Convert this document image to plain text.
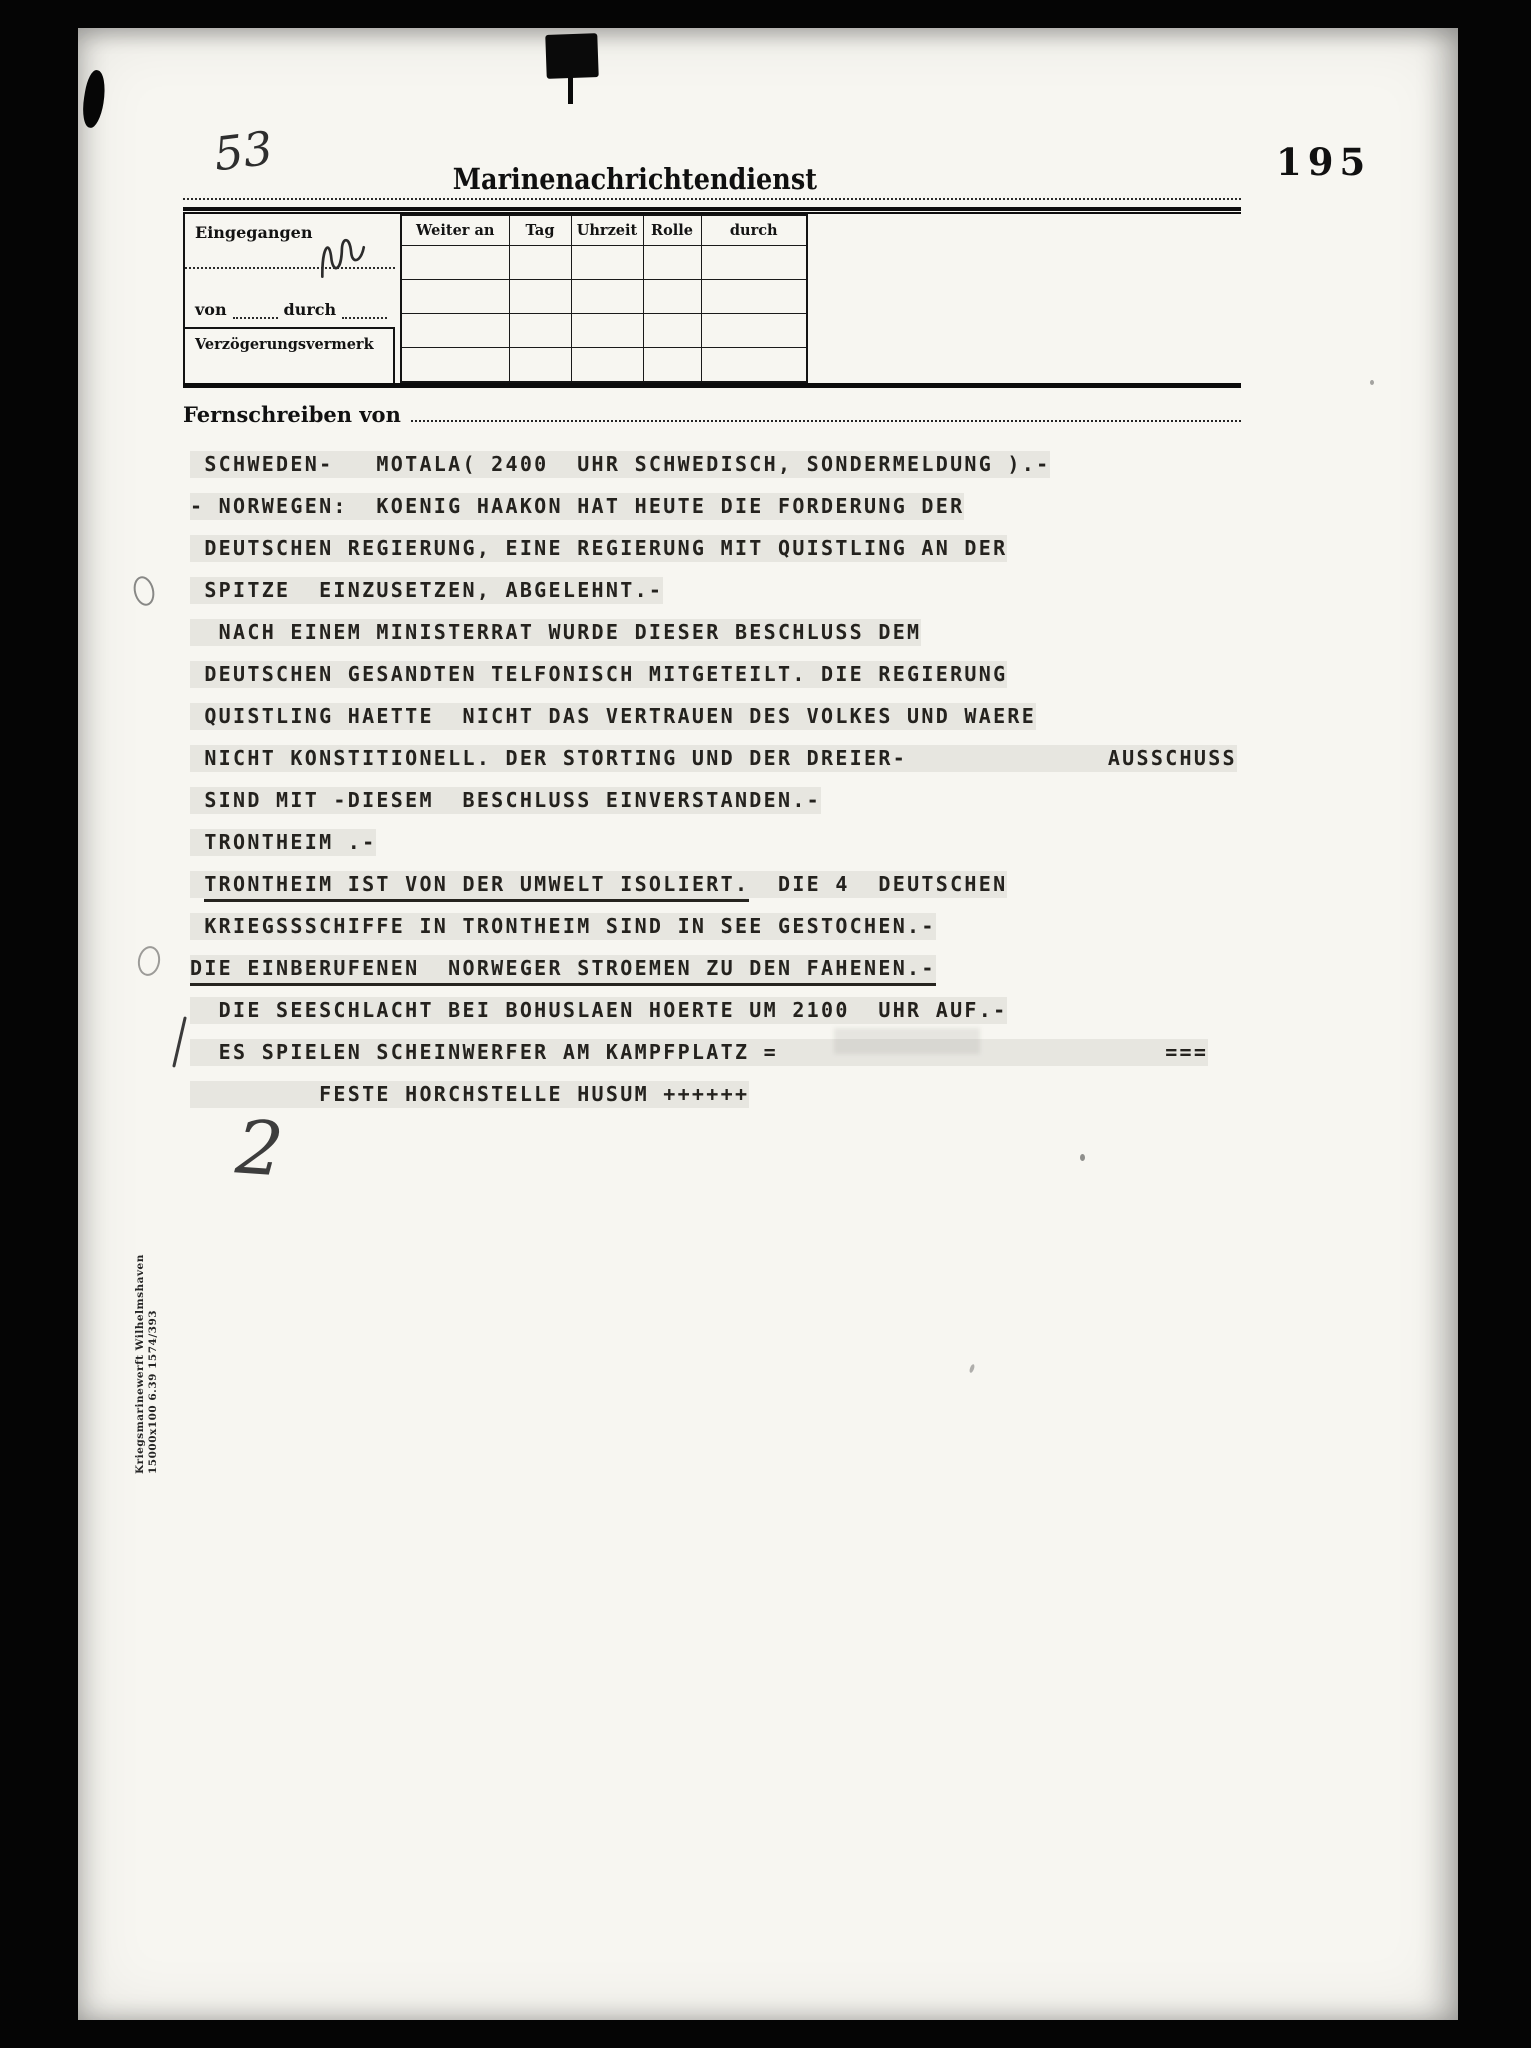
53	Marinenachrichtendienst	195
Eingegangen
von	durch
Verzögerungsvermerk
Weiter an	Tag	Uhrzeit	Rolle	durch

Fernschreiben von
SCHWEDEN-   MOTALA( 2400  UHR SCHWEDISCH, SONDERMELDUNG ).-
- NORWEGEN:  KOENIG HAAKON HAT HEUTE DIE FORDERUNG DER
DEUTSCHEN REGIERUNG, EINE REGIERUNG MIT QUISTLING AN DER
SPITZE  EINZUSETZEN, ABGELEHNT.-
NACH EINEM MINISTERRAT WURDE DIESER BESCHLUSS DEM
DEUTSCHEN GESANDTEN TELFONISCH MITGETEILT. DIE REGIERUNG
QUISTLING HAETTE  NICHT DAS VERTRAUEN DES VOLKES UND WAERE
NICHT KONSTITIONELL. DER STORTING UND DER DREIER-              AUSSCHUSS
SIND MIT -DIESEM  BESCHLUSS EINVERSTANDEN.-
TRONTHEIM .-
TRONTHEIM IST VON DER UMWELT ISOLIERT.  DIE 4  DEUTSCHEN
KRIEGSSSCHIFFE IN TRONTHEIM SIND IN SEE GESTOCHEN.-
DIE EINBERUFENEN  NORWEGER STROEMEN ZU DEN FAHENEN.-
DIE SEESCHLACHT BEI BOHUSLAEN HOERTE UM 2100  UHR AUF.-
ES SPIELEN SCHEINWERFER AM KAMPFPLATZ =                           ===
FESTE HORCHSTELLE HUSUM ++++++
2
Kriegsmarinewerft Wilhelmshaven 15000x100 6.39 1574/393
